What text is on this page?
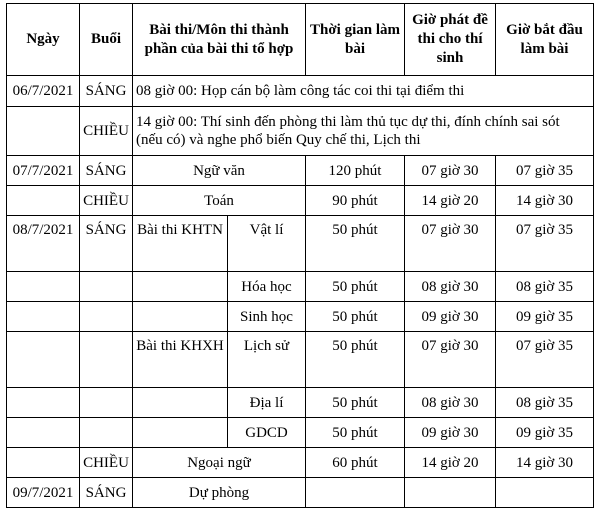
Ngày	Buổi	Bài thi/Môn thi thành phần của bài thi tổ hợp		Thời gian làm bài	Giờ phát đề thi cho thí sinh	Giờ bắt đầu làm bài
06/7/2021	SÁNG	08 giờ 00: Họp cán bộ làm công tác coi thi tại điểm thi				
	CHIỀU	14 giờ 00: Thí sinh đến phòng thi làm thủ tục dự thi, đính chính sai sót (nếu có) và nghe phổ biến Quy chế thi, Lịch thi				
07/7/2021	SÁNG	Ngữ văn		120 phút	07 giờ 30	07 giờ 35
	CHIỀU	Toán		90 phút	14 giờ 20	14 giờ 30
08/7/2021	SÁNG	Bài thi KHTN	Vật lí	50 phút	07 giờ 30	07 giờ 35
			Hóa học	50 phút	08 giờ 30	08 giờ 35
			Sinh học	50 phút	09 giờ 30	09 giờ 35
		Bài thi KHXH	Lịch sử	50 phút	07 giờ 30	07 giờ 35
			Địa lí	50 phút	08 giờ 30	08 giờ 35
			GDCD	50 phút	09 giờ 30	09 giờ 35
	CHIỀU	Ngoại ngữ		60 phút	14 giờ 20	14 giờ 30
09/7/2021	SÁNG	Dự phòng				
